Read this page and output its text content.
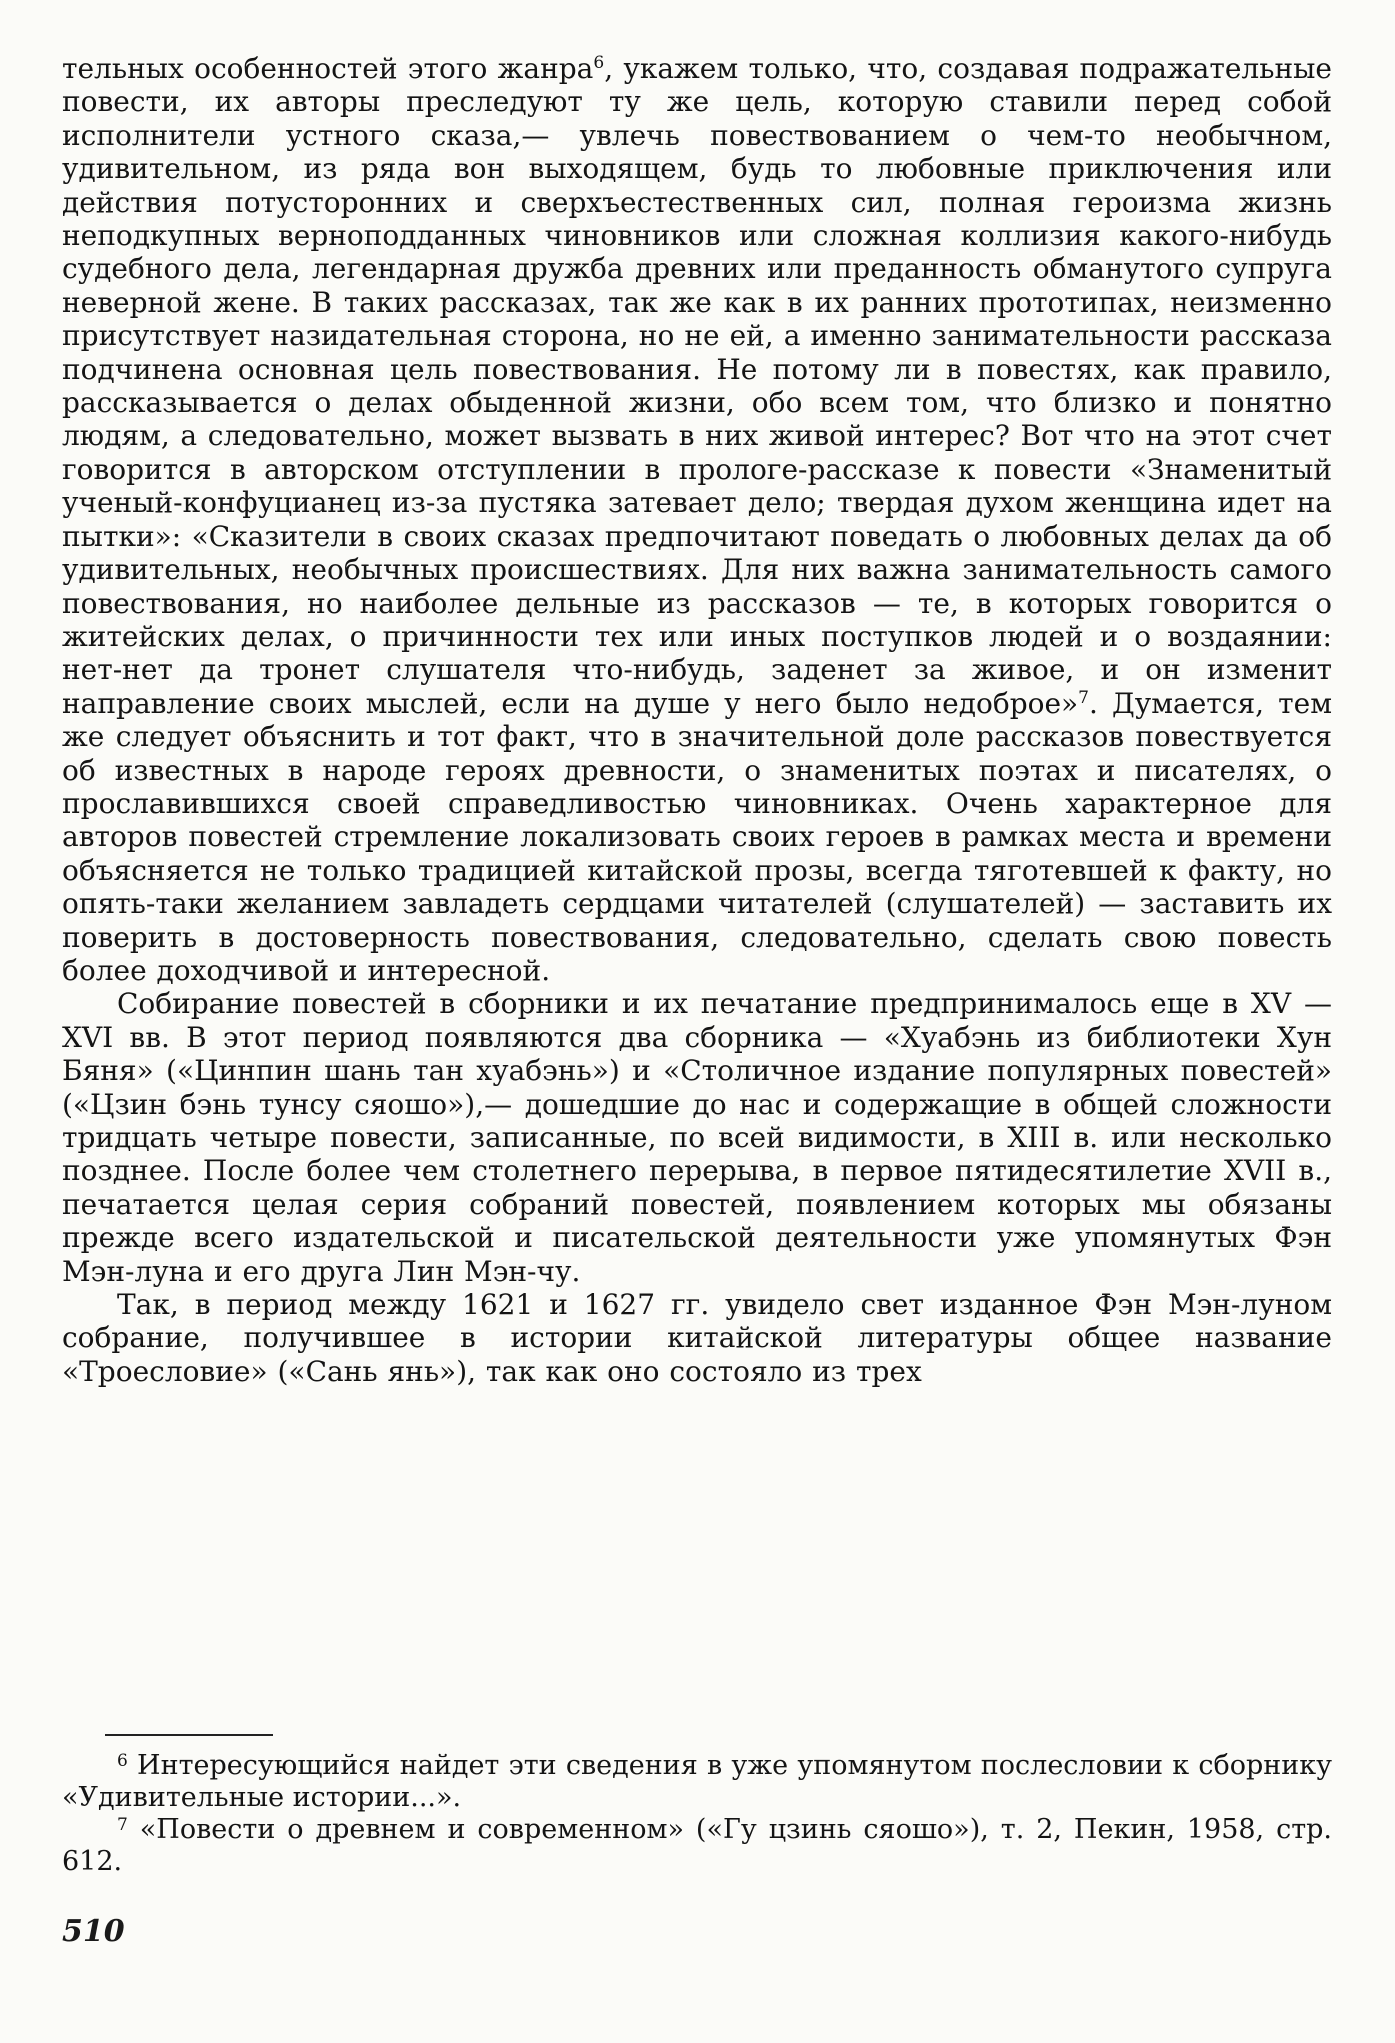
тельных особенностей этого жанра$^6$, укажем только, что, создавая подражательные повести, их авторы преследуют ту же цель, которую ставили перед собой исполнители устного сказа,— увлечь повествованием о чем-то необычном, удивительном, из ряда вон выходящем, будь то любовные приключения или действия потусторонних и сверхъестественных сил, полная героизма жизнь неподкупных верноподданных чиновников или сложная коллизия какого-нибудь судебного дела, легендарная дружба древних или преданность обманутого супруга неверной жене. В таких рассказах, так же как в их ранних прототипах, неизменно присутствует назидательная сторона, но не ей, а именно занимательности рассказа подчинена основная цель повествования. Не потому ли в повестях, как правило, рассказывается о делах обыденной жизни, обо всем том, что близко и понятно людям, а следовательно, может вызвать в них живой интерес? Вот что на этот счет говорится в авторском отступлении в прологе-рассказе к повести «Знаменитый ученый-конфуцианец из-за пустяка затевает дело; твердая духом женщина идет на пытки»: «Сказители в своих сказах предпочитают поведать о любовных делах да об удивительных, необычных происшествиях. Для них важна занимательность самого повествования, но наиболее дельные из рассказов — те, в которых говорится о житейских делах, о причинности тех или иных поступков людей и о воздаянии: нет-нет да тронет слушателя что-нибудь, заденет за живое, и он изменит направление своих мыслей, если на душе у него было недоброе»$^7$. Думается, тем же следует объяснить и тот факт, что в значительной доле рассказов повествуется об известных в народе героях древности, о знаменитых поэтах и писателях, о прославившихся своей справедливостью чиновниках. Очень характерное для авторов повестей стремление локализовать своих героев в рамках места и времени объясняется не только традицией китайской прозы, всегда тяготевшей к факту, но опять-таки желанием завладеть сердцами читателей (слушателей) — заставить их поверить в достоверность повествования, следовательно, сделать свою повесть более доходчивой и интересной.

Собирание повестей в сборники и их печатание предпринималось еще в XV — XVI вв. В этот период появляются два сборника — «Хуабэнь из библиотеки Хун Бяня» («Цинпин шань тан хуабэнь») и «Столичное издание популярных повестей» («Цзин бэнь тунсу сяошо»),— дошедшие до нас и содержащие в общей сложности тридцать четыре повести, записанные, по всей видимости, в XIII в. или несколько позднее. После более чем столетнего перерыва, в первое пятидесятилетие XVII в., печатается целая серия собраний повестей, появлением которых мы обязаны прежде всего издательской и писательской деятельности уже упомянутых Фэн Мэн-луна и его друга Лин Мэн-чу.

Так, в период между 1621 и 1627 гг. увидело свет изданное Фэн Мэн-луном собрание, получившее в истории китайской литературы общее название «Троесловие» («Сань янь»), так как оно состояло из трех

$^6$ Интересующийся найдет эти сведения в уже упомянутом послесловии к сборнику «Удивительные истории...».

$^7$ «Повести о древнем и современном» («Гу цзинь сяошо»), т. 2, Пекин, 1958, стр. 612.

510
